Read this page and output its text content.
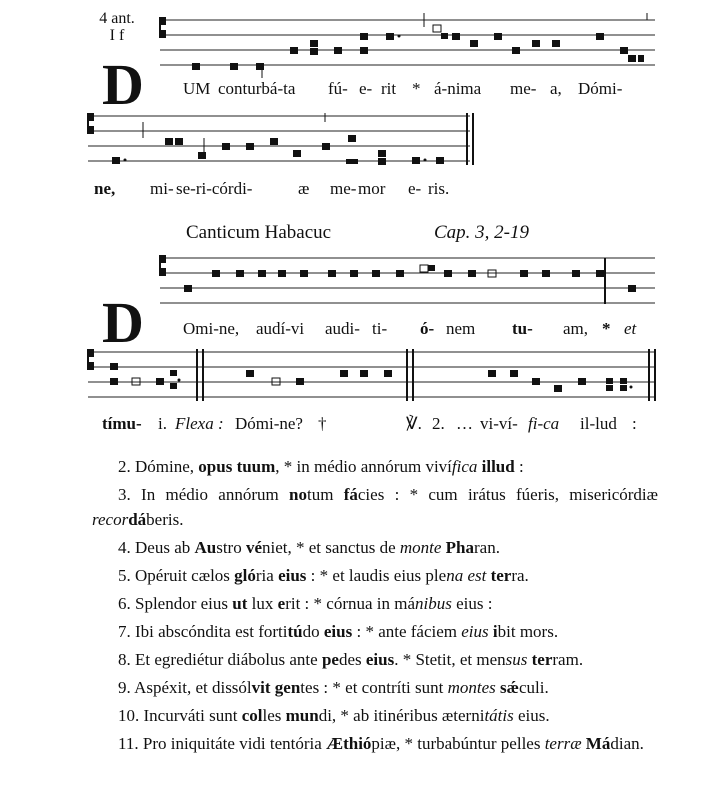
4 ant.
I f
D UM conturbá-ta fú- e- rit * á-nima me- a, Dómi-
ne, mi- se-ri-córdi-	æ me- mor e- ris.
Canticum Habacuc	Cap. 3, 2-19
D Omi-ne, audí-vi audi- ti- ó- nem tu- am, * et
tímu- i. Flexa : Dómi-ne? †	℣. 2. … vi-ví- fi-ca il-lud :
2. Dómine, opus tuum, * in médio annórum vivífica illud :
3. In médio annórum notum fácies : * cum irátus fúeris, misericórdiæ recordáberis.
4. Deus ab Austro véniet, * et sanctus de monte Pharan.
5. Opéruit cælos glória eius : * et laudis eius plena est terra.
6. Splendor eius ut lux erit : * córnua in mánibus eius :
7. Ibi abscóndita est fortitúdo eius : * ante fáciem eius ibit mors.
8. Et egrediétur diábolus ante pedes eius. * Stetit, et mensus terram.
9. Aspéxit, et dissólvit gentes : * et contríti sunt montes sǽculi.
10. Incurváti sunt colles mundi, * ab itinéribus æternitátis eius.
11. Pro iniquitáte vidi tentória Æthiópiæ, * turbabúntur pelles terræ Mádian.
